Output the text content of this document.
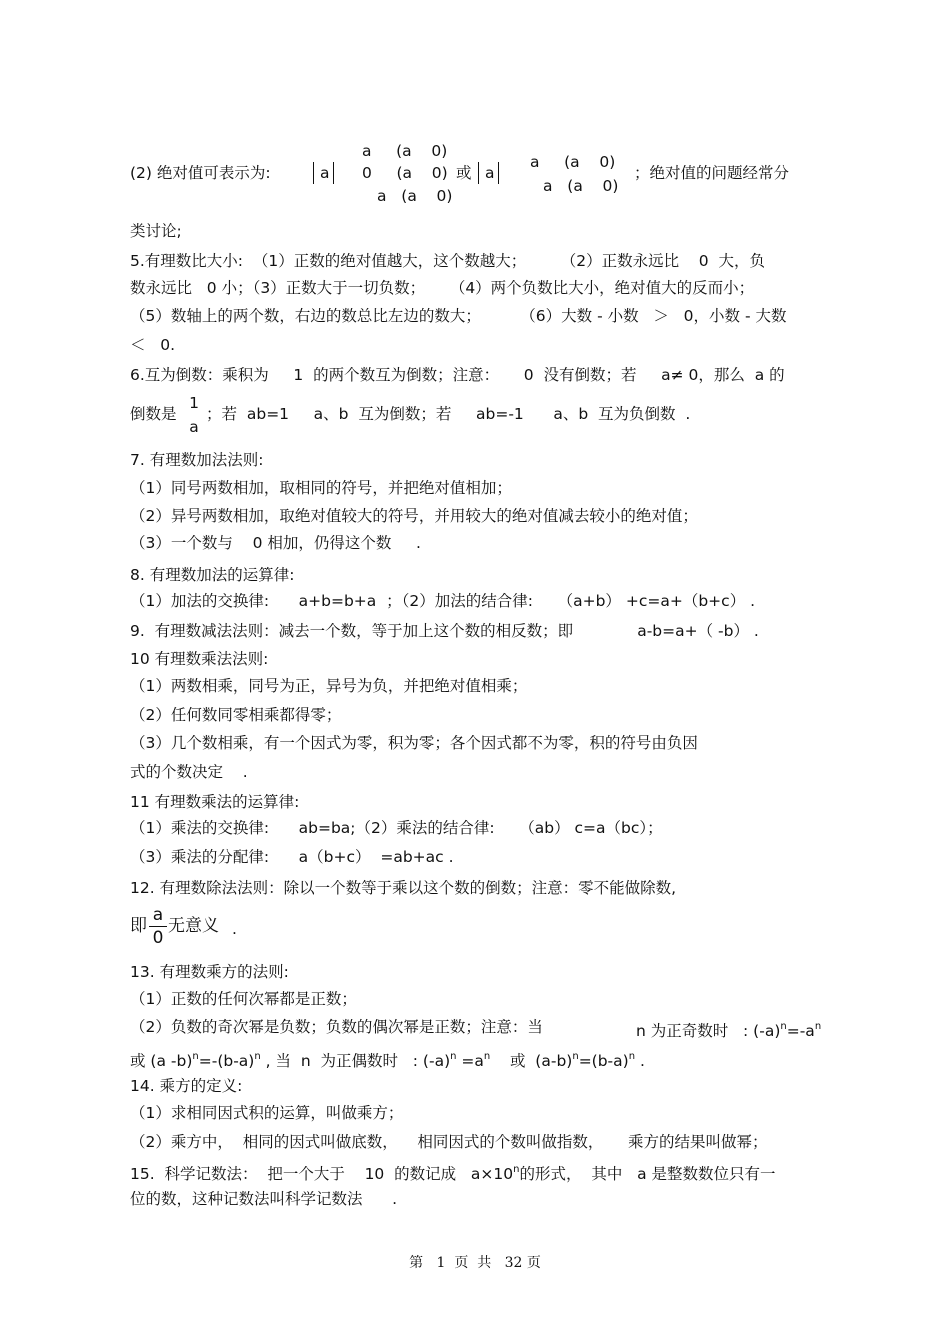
(2) 绝对值可表示为:	a
a     (a    0)
0     (a    0)
a   (a    0)
或 a
a     (a    0)
a   (a    0)
；绝对值的问题经常分
类讨论;
5.有理数比大小:  （1）正数的绝对值越大，这个数越大；       （2）正数永远比    0  大，负
数永远比   0 小；（3）正数大于一切负数；     （4）两个负数比大小，绝对值大的反而小；
（5）数轴上的两个数，右边的数总比左边的数大；        （6）大数 - 小数   ＞   0，小数 - 大数
＜   0.
6.互为倒数：乘积为     1  的两个数互为倒数；注意：     0  没有倒数；若     a≠ 0，那么  a 的
倒数是
1
a
；若  ab=1     a、b  互为倒数；若     ab=-1      a、b  互为负倒数  .
7. 有理数加法法则:
（1）同号两数相加，取相同的符号，并把绝对值相加；
（2）异号两数相加，取绝对值较大的符号，并用较大的绝对值减去较小的绝对值；
（3）一个数与    0 相加，仍得这个数     .
8. 有理数加法的运算律:
（1）加法的交换律:      a+b=b+a  ；（2）加法的结合律:     （a+b） +c=a+（b+c） .
9.  有理数减法法则：减去一个数，等于加上这个数的相反数；即             a-b=a+（ -b） .
10 有理数乘法法则:
（1）两数相乘，同号为正，异号为负，并把绝对值相乘；
（2）任何数同零相乘都得零；
（3）几个数相乘，有一个因式为零，积为零；各个因式都不为零，积的符号由负因
式的个数决定    .
11 有理数乘法的运算律:
（1）乘法的交换律:      ab=ba;（2）乘法的结合律:     （ab） c=a（bc）；
（3）乘法的分配律:      a（b+c）  =ab+ac .
12. 有理数除法法则：除以一个数等于乘以这个数的倒数；注意：零不能做除数,
即
a
0
无意义 .
13. 有理数乘方的法则:
（1）正数的任何次幂都是正数；
（2）负数的奇次幂是负数；负数的偶次幂是正数；注意：当	n 为正奇数时   : $(-a)^n=-a^n$
或 (a $-b)^n=-(b-a)^n$ , 当  n  为正偶数时   : $(-a)^n =a^n$ 或  $(a-b)^n=(b-a)^n$ .
14. 乘方的定义:
（1）求相同因式积的运算，叫做乘方；
（2）乘方中，  相同的因式叫做底数，    相同因式的个数叫做指数，     乘方的结果叫做幂；
15.  科学记数法：  把一个大于    10  的数记成   $a\times 10^n$的形式，  其中   a 是整数数位只有一
位的数，这种记数法叫科学记数法      .
第   1  页  共   32 页
